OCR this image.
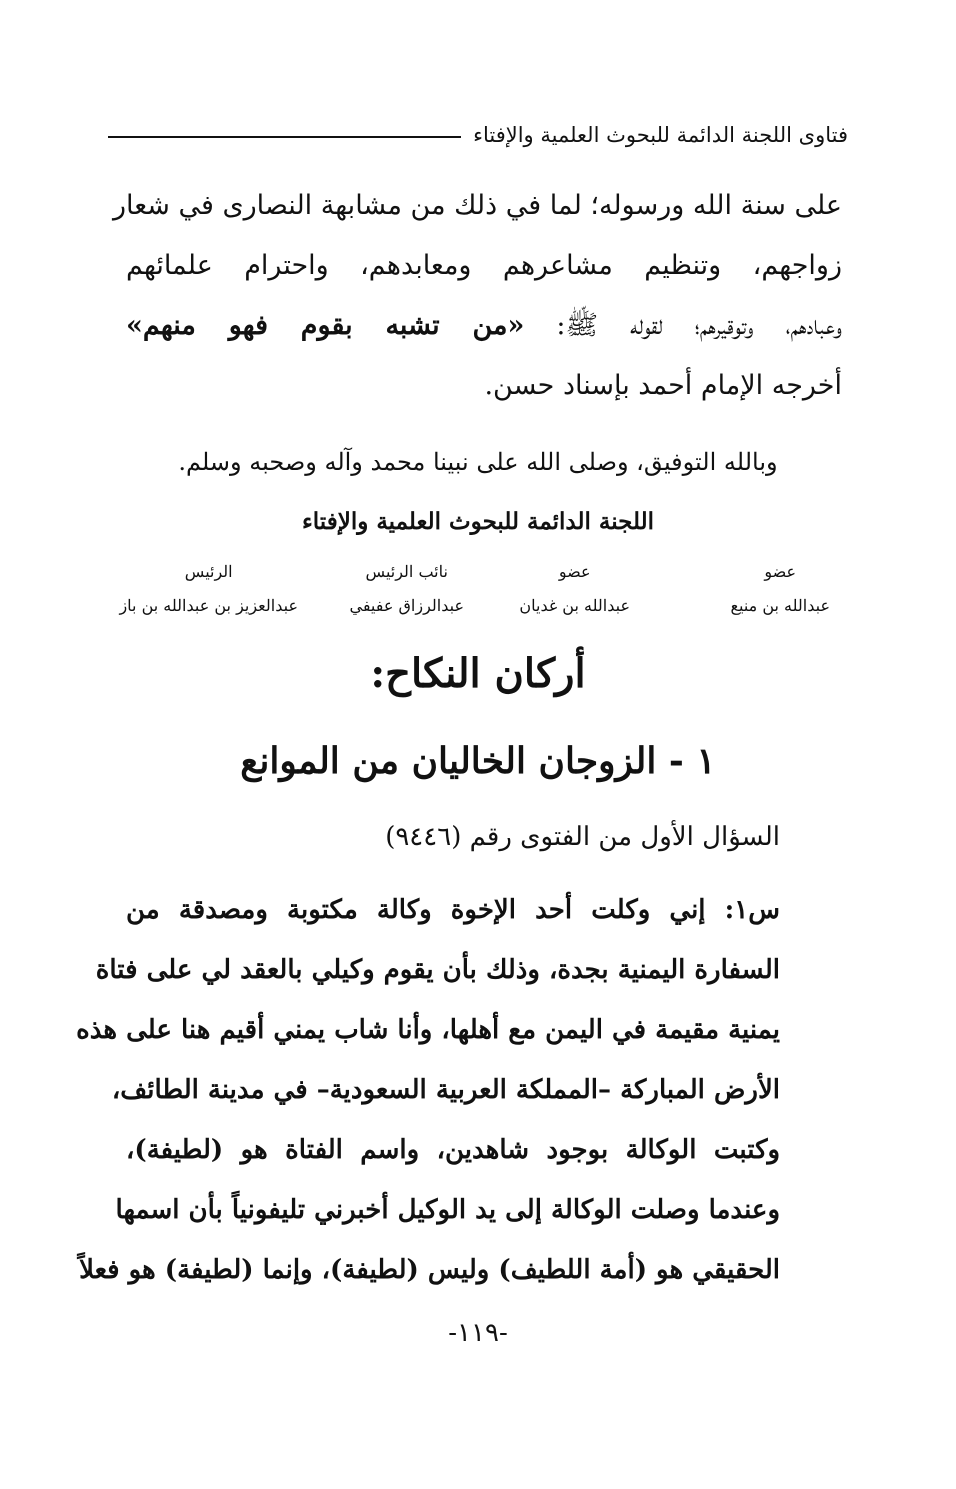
فتاوى اللجنة الدائمة للبحوث العلمية والإفتاء
على سنة الله ورسوله؛ لما في ذلك من مشابهة النصارى في شعار
زواجهم، وتنظيم مشاعرهم ومعابدهم، واحترام علمائهم
وعبادهم، وتوقيرهم؛ لقوله ﷺ: «من تشبه بقوم فهو منهم»
أخرجه الإمام أحمد بإسناد حسن.
وبالله التوفيق، وصلى الله على نبينا محمد وآله وصحبه وسلم.
اللجنة الدائمة للبحوث العلمية والإفتاء
عضو
عبدالله بن منيع
عضو
عبدالله بن غديان
نائب الرئيس
عبدالرزاق عفيفي
الرئيس
عبدالعزيز بن عبدالله بن باز
أركان النكاح:
١ - الزوجان الخاليان من الموانع
السؤال الأول من الفتوى رقم (٩٤٤٦)
س١: إني وكلت أحد الإخوة وكالة مكتوبة ومصدقة من
السفارة اليمنية بجدة، وذلك بأن يقوم وكيلي بالعقد لي على فتاة
يمنية مقيمة في اليمن مع أهلها، وأنا شاب يمني أقيم هنا على هذه
الأرض المباركة –المملكة العربية السعودية– في مدينة الطائف،
وكتبت الوكالة بوجود شاهدين، واسم الفتاة هو (لطيفة)،
وعندما وصلت الوكالة إلى يد الوكيل أخبرني تليفونياً بأن اسمها
الحقيقي هو (أمة اللطيف) وليس (لطيفة)، وإنما (لطيفة) هو فعلاً
-١١٩-
